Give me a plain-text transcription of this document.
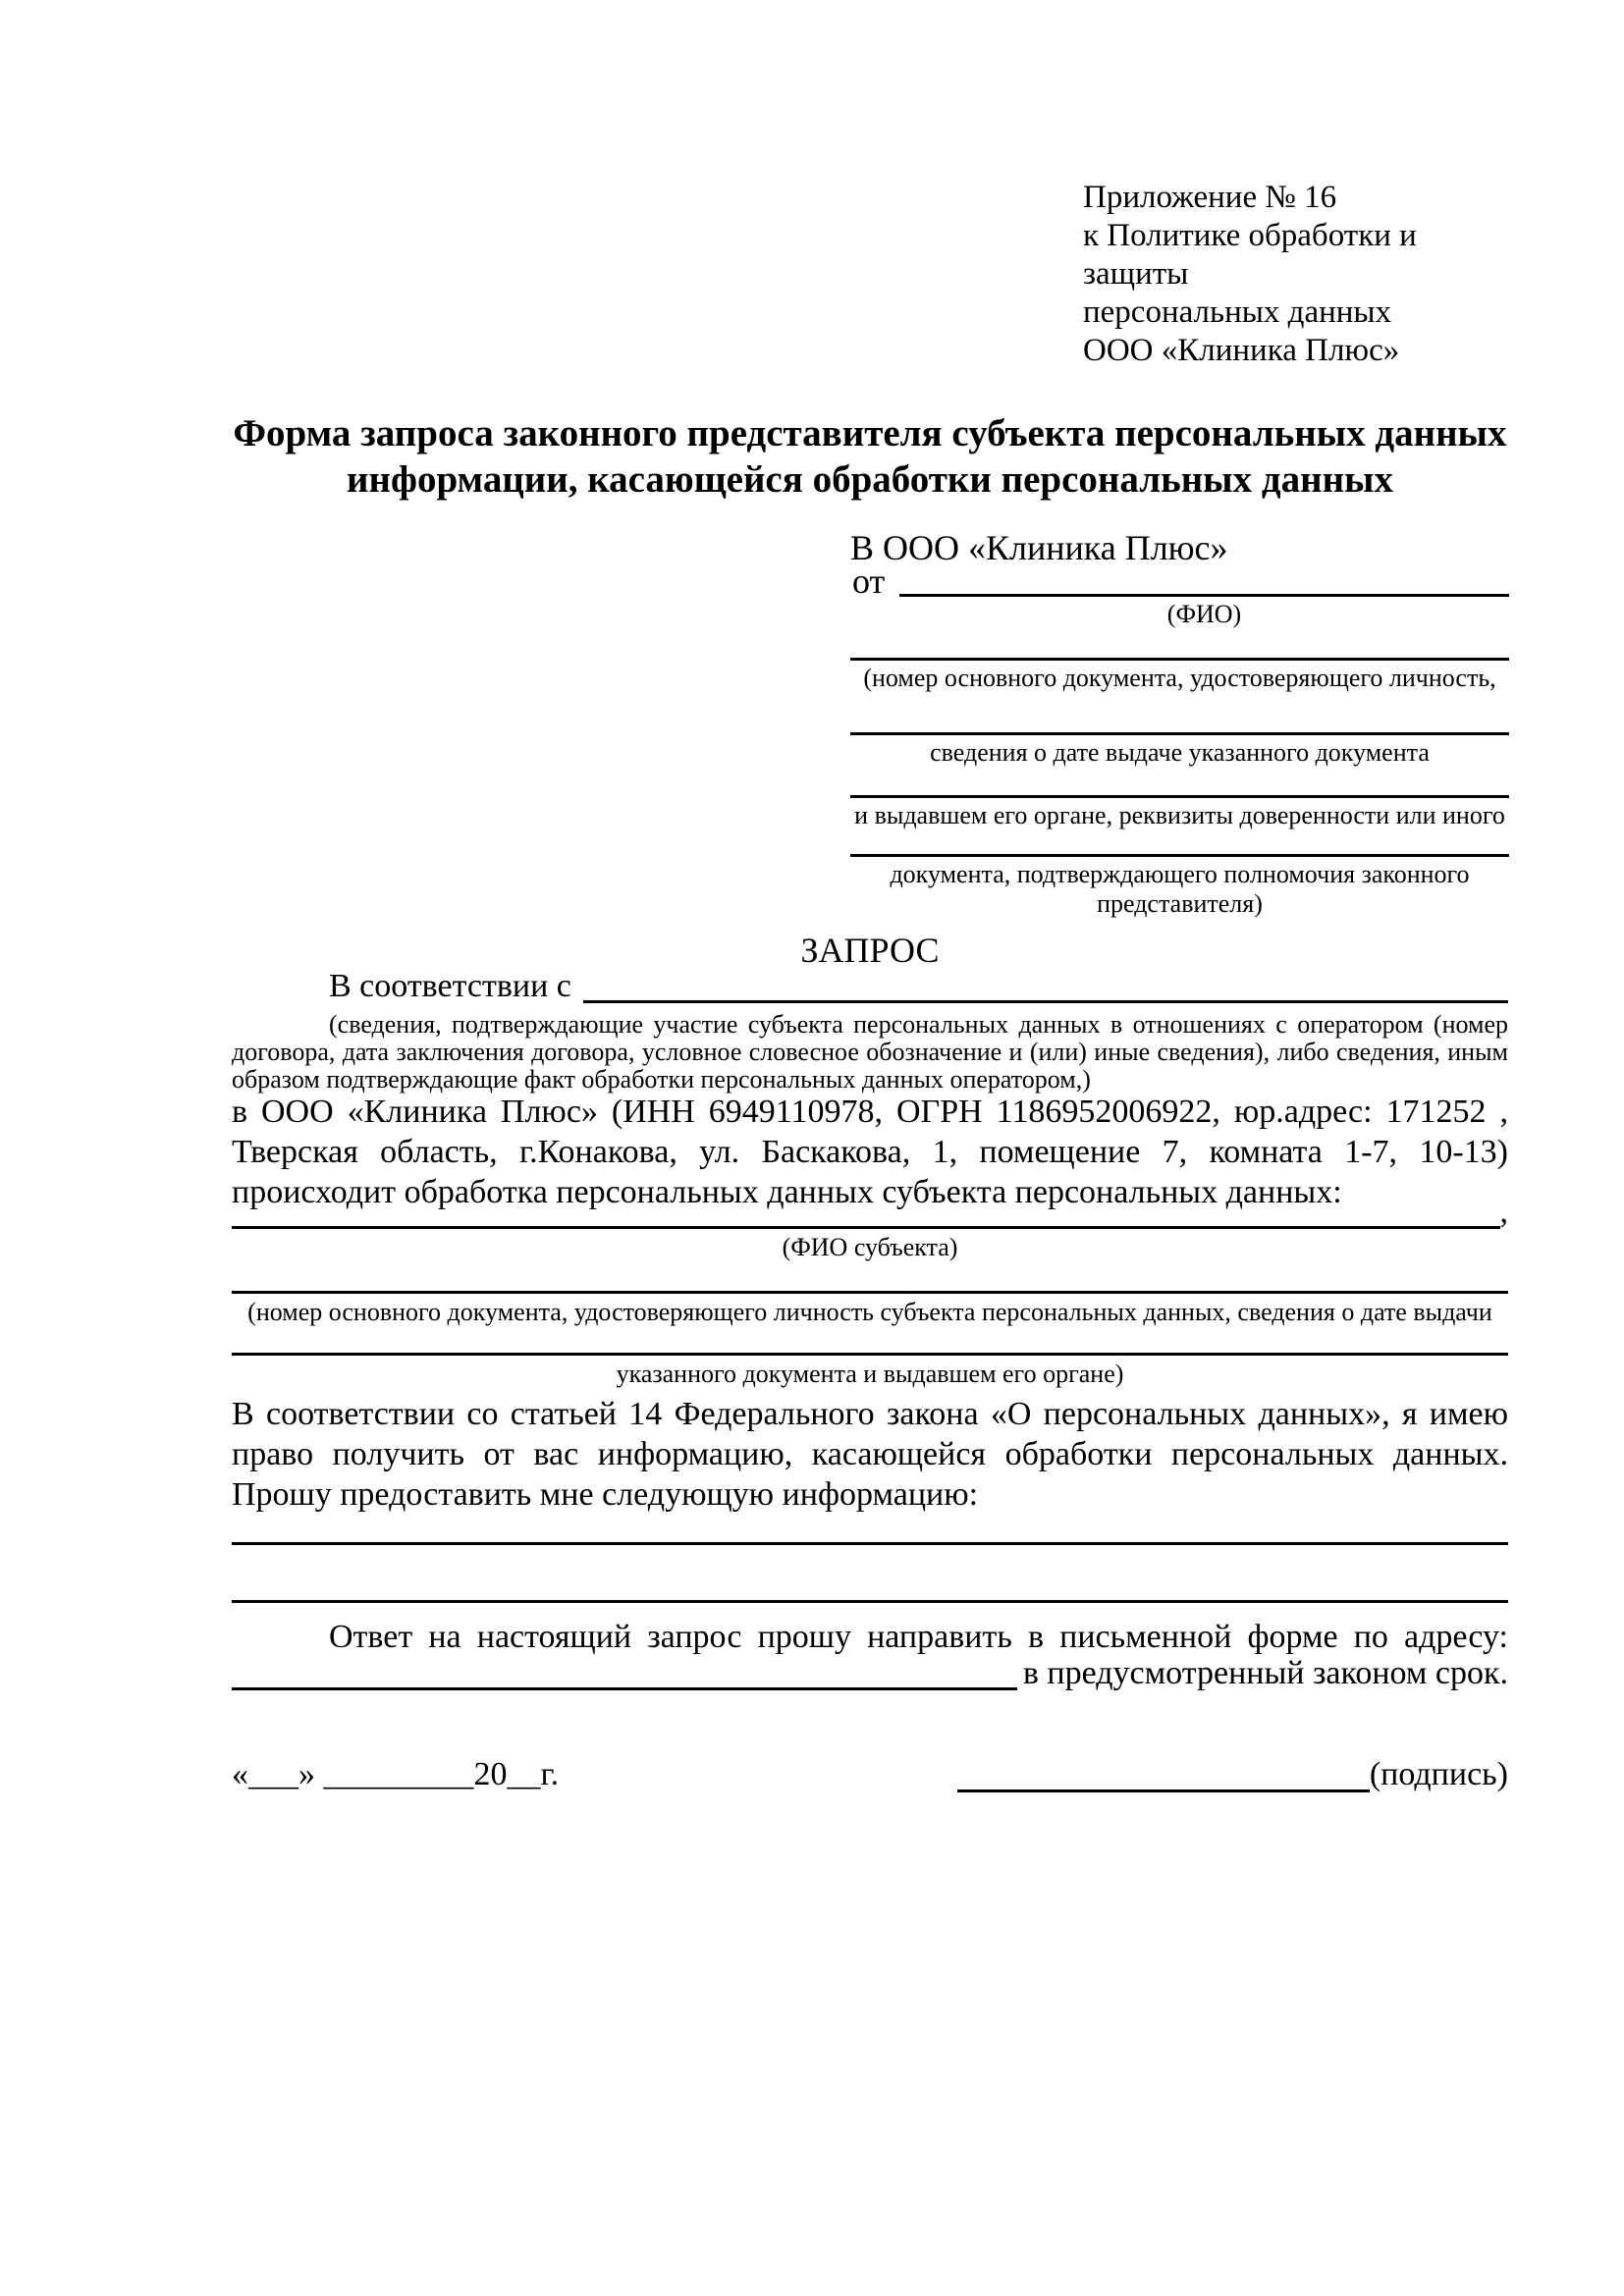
Приложение № 16
к Политике обработки и защиты
персональных данных
ООО «Клиника Плюс»
Форма запроса законного представителя субъекта персональных данных
информации, касающейся обработки персональных данных
В ООО «Клиника Плюс»
от
(ФИО)
(номер основного документа, удостоверяющего личность,
сведения о дате выдаче указанного документа
и выдавшем его органе, реквизиты доверенности или иного
документа, подтверждающего полномочия законного представителя)
ЗАПРОС
В соответствии с
(сведения, подтверждающие участие субъекта персональных данных в отношениях с оператором (номер договора, дата заключения договора, условное словесное обозначение и (или) иные сведения), либо сведения, иным образом подтверждающие факт обработки персональных данных оператором,)
в ООО «Клиника Плюс» (ИНН 6949110978, ОГРН 1186952006922, юр.адрес: 171252 , Тверская область, г.Конакова, ул. Баскакова, 1, помещение 7, комната 1-7, 10-13) происходит обработка персональных данных субъекта персональных данных:
,
(ФИО субъекта)
(номер основного документа, удостоверяющего личность субъекта персональных данных, сведения о дате выдачи
указанного документа и выдавшем его органе)
В соответствии со статьей 14 Федерального закона «О персональных данных», я имею право получить от вас информацию, касающейся обработки персональных данных. Прошу предоставить мне следующую информацию:
Ответ на настоящий запрос прошу направить в письменной форме по адресу:
в предусмотренный законом срок.
«___» _________20__г.	(подпись)
